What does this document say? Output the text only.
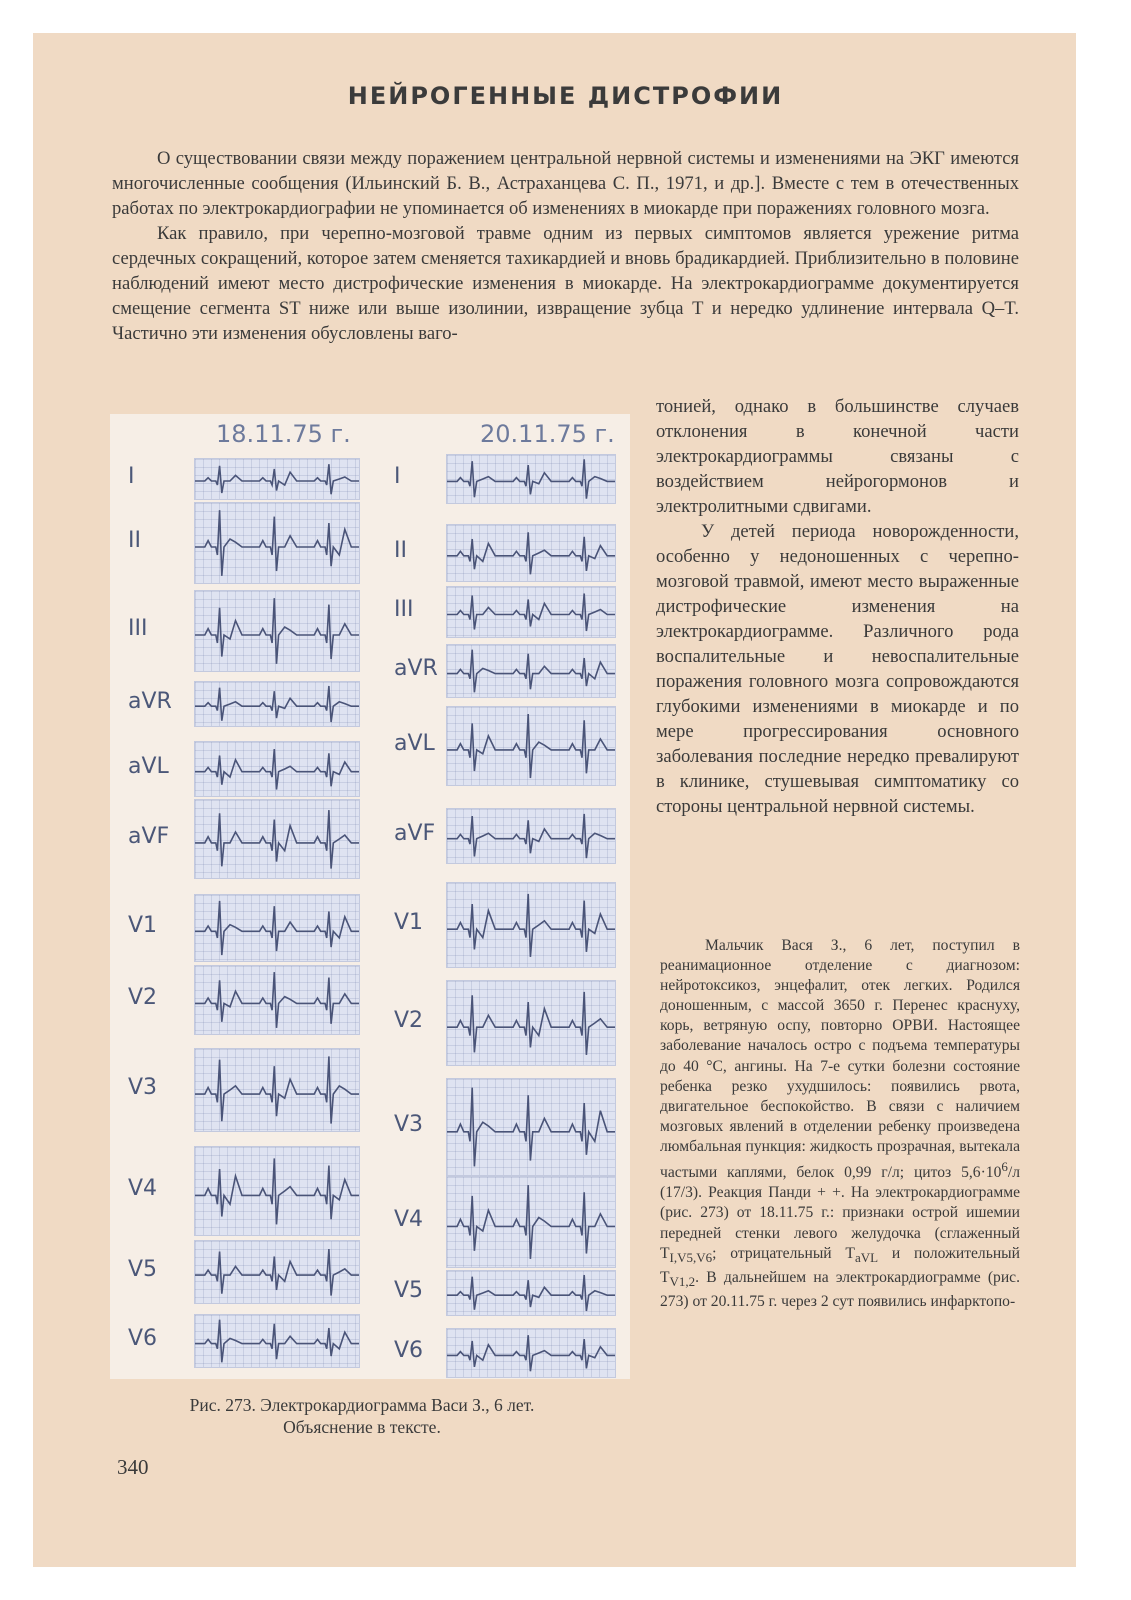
НЕЙРОГЕННЫЕ ДИСТРОФИИ

О существовании связи между поражением центральной нервной системы и изменениями на ЭКГ имеются многочисленные сообщения (Ильинский Б. В., Астраханцева С. П., 1971, и др.]. Вместе с тем в отечественных работах по электрокардиографии не упоминается об изменениях в миокарде при поражениях головного мозга.

Как правило, при черепно-мозговой травме одним из первых симптомов является урежение ритма сердечных сокращений, которое затем сменяется тахикардией и вновь брадикардией. Приблизительно в половине наблюдений имеют место дистрофические изменения в миокарде. На электрокардиограмме документируется смещение сегмента ST ниже или выше изолинии, извращение зубца T и нередко удлинение интервала Q–T. Частично эти изменения обусловлены ваго-

18.11.75 г.	20.11.75 г.
I
II
III
aVR
aVL
aVF
V1
V2
V3
V4
V5
V6
I
II
III
aVR
aVL
aVF
V1
V2
V3
V4
V5
V6

тонией, однако в большинстве случаев отклонения в конечной части электрокардиограммы связаны с воздействием нейрогормонов и электролитными сдвигами.

У детей периода новорожденности, особенно у недоношенных с черепно-мозговой травмой, имеют место выраженные дистрофические изменения на электрокардиограмме. Различного рода воспалительные и невоспалительные поражения головного мозга сопровождаются глубокими изменениями в миокарде и по мере прогрессирования основного заболевания последние нередко превалируют в клинике, стушевывая симптоматику со стороны центральной нервной системы.

Мальчик Вася З., 6 лет, поступил в реанимационное отделение с диагнозом: нейротоксикоз, энцефалит, отек легких. Родился доношенным, с массой 3650 г. Перенес краснуху, корь, ветряную оспу, повторно ОРВИ. Настоящее заболевание началось остро с подъема температуры до 40 °С, ангины. На 7-е сутки болезни состояние ребенка резко ухудшилось: появились рвота, двигательное беспокойство. В связи с наличием мозговых явлений в отделении ребенку произведена люмбальная пункция: жидкость прозрачная, вытекала частыми каплями, белок 0,99 г/л; цитоз $5,6\cdot 10^6/л$ (17/3). Реакция Панди + +. На электрокардиограмме (рис. 273) от 18.11.75 г.: признаки острой ишемии передней стенки левого желудочка (сглаженный $T_{I,V5,V6}$; отрицательный $T_{aVL}$ и положительный $T_{V1,2}$. В дальнейшем на электрокардиограмме (рис. 273) от 20.11.75 г. через 2 сут появились инфарктопо-

Рис. 273. Электрокардиограмма Васи З., 6 лет.
Объяснение в тексте.
340
